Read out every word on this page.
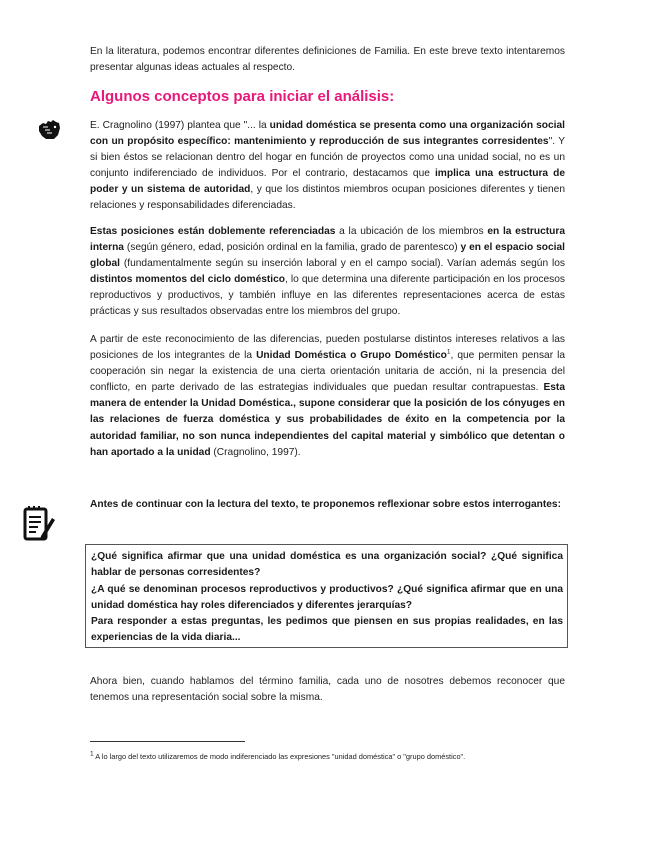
En la literatura, podemos encontrar diferentes definiciones de Familia. En este breve texto intentaremos presentar algunas ideas actuales al respecto.

Algunos conceptos para iniciar el análisis:

E. Cragnolino (1997) plantea que "... la unidad doméstica se presenta como una organización social con un propósito específico: mantenimiento y reproducción de sus integrantes corresidentes". Y si bien éstos se relacionan dentro del hogar en función de proyectos como una unidad social, no es un conjunto indiferenciado de individuos. Por el contrario, destacamos que implica una estructura de poder y un sistema de autoridad, y que los distintos miembros ocupan posiciones diferentes y tienen relaciones y responsabilidades diferenciadas.

Estas posiciones están doblemente referenciadas a la ubicación de los miembros en la estructura interna (según género, edad, posición ordinal en la familia, grado de parentesco) y en el espacio social global (fundamentalmente según su inserción laboral y en el campo social). Varían además según los distintos momentos del ciclo doméstico, lo que determina una diferente participación en los procesos reproductivos y productivos, y también influye en las diferentes representaciones acerca de estas prácticas y sus resultados observadas entre los miembros del grupo.

A partir de este reconocimiento de las diferencias, pueden postularse distintos intereses relativos a las posiciones de los integrantes de la Unidad Doméstica o Grupo Doméstico$^1$, que permiten pensar la cooperación sin negar la existencia de una cierta orientación unitaria de acción, ni la presencia del conflicto, en parte derivado de las estrategias individuales que puedan resultar contrapuestas. Esta manera de entender la Unidad Doméstica., supone considerar que la posición de los cónyuges en las relaciones de fuerza doméstica y sus probabilidades de éxito en la competencia por la autoridad familiar, no son nunca independientes del capital material y simbólico que detentan o han aportado a la unidad (Cragnolino, 1997).

Antes de continuar con la lectura del texto, te proponemos reflexionar sobre estos interrogantes:

¿Qué significa afirmar que una unidad doméstica es una organización social? ¿Qué significa hablar de personas corresidentes?

¿A qué se denominan procesos reproductivos y productivos? ¿Qué significa afirmar que en una unidad doméstica hay roles diferenciados y diferentes jerarquías?

Para responder a estas preguntas, les pedimos que piensen en sus propias realidades, en las experiencias de la vida diaria...

Ahora bien, cuando hablamos del término familia, cada uno de nosotres debemos reconocer que tenemos una representación social sobre la misma.

$^1$ A lo largo del texto utilizaremos de modo indiferenciado las expresiones "unidad doméstica" o "grupo doméstico".
